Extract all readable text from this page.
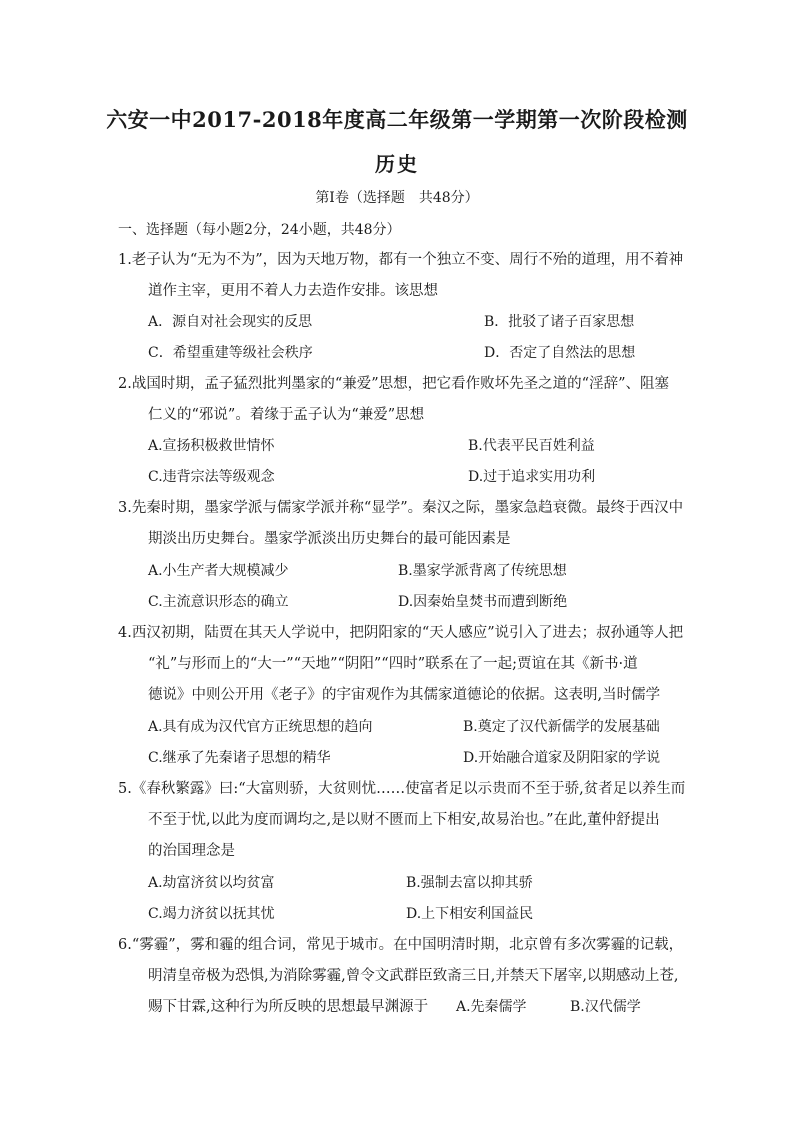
六安一中2017-2018年度高二年级第一学期第一次阶段检测
历史
第Ⅰ卷（选择题　共48分）
一、选择题（每小题2分，24小题，共48分）
1.老子认为“无为不为”，因为天地万物，都有一个独立不变、周行不殆的道理，用不着神
道作主宰，更用不着人力去造作安排。该思想
A．源自对社会现实的反思	B．批驳了诸子百家思想
C．希望重建等级社会秩序	D．否定了自然法的思想
2.战国时期，孟子猛烈批判墨家的“兼爱”思想，把它看作败坏先圣之道的“淫辞”、阻塞
仁义的“邪说”。着缘于孟子认为“兼爱”思想
A.宣扬积极救世情怀	B.代表平民百姓利益
C.违背宗法等级观念	D.过于追求实用功利
3.先秦时期，墨家学派与儒家学派并称“显学”。秦汉之际，墨家急趋衰微。最终于西汉中
期淡出历史舞台。墨家学派淡出历史舞台的最可能因素是
A.小生产者大规模减少	B.墨家学派背离了传统思想
C.主流意识形态的确立	D.因秦始皇焚书而遭到断绝
4.西汉初期，陆贾在其天人学说中，把阴阳家的“天人感应”说引入了进去；叔孙通等人把
“礼”与形而上的“大一”“天地”“阴阳”“四时”联系在了一起;贾谊在其《新书·道
德说》中则公开用《老子》的宇宙观作为其儒家道德论的依据。这表明,当时儒学
A.具有成为汉代官方正统思想的趋向	B.奠定了汉代新儒学的发展基础
C.继承了先秦诸子思想的精华	D.开始融合道家及阴阳家的学说
5.《春秋繁露》曰:“大富则骄，大贫则忧……使富者足以示贵而不至于骄,贫者足以养生而
不至于忧,以此为度而调均之,是以财不匮而上下相安,故易治也。”在此,董仲舒提出
的治国理念是
A.劫富济贫以均贫富	B.强制去富以抑其骄
C.竭力济贫以抚其忧	D.上下相安利国益民
6.“雾霾”，雾和霾的组合词，常见于城市。在中国明清时期，北京曾有多次雾霾的记载，
明清皇帝极为恐惧,为消除雾霾,曾令文武群臣致斋三日,并禁天下屠宰,以期感动上苍,
赐下甘霖,这种行为所反映的思想最早渊源于 A.先秦儒学	B.汉代儒学
